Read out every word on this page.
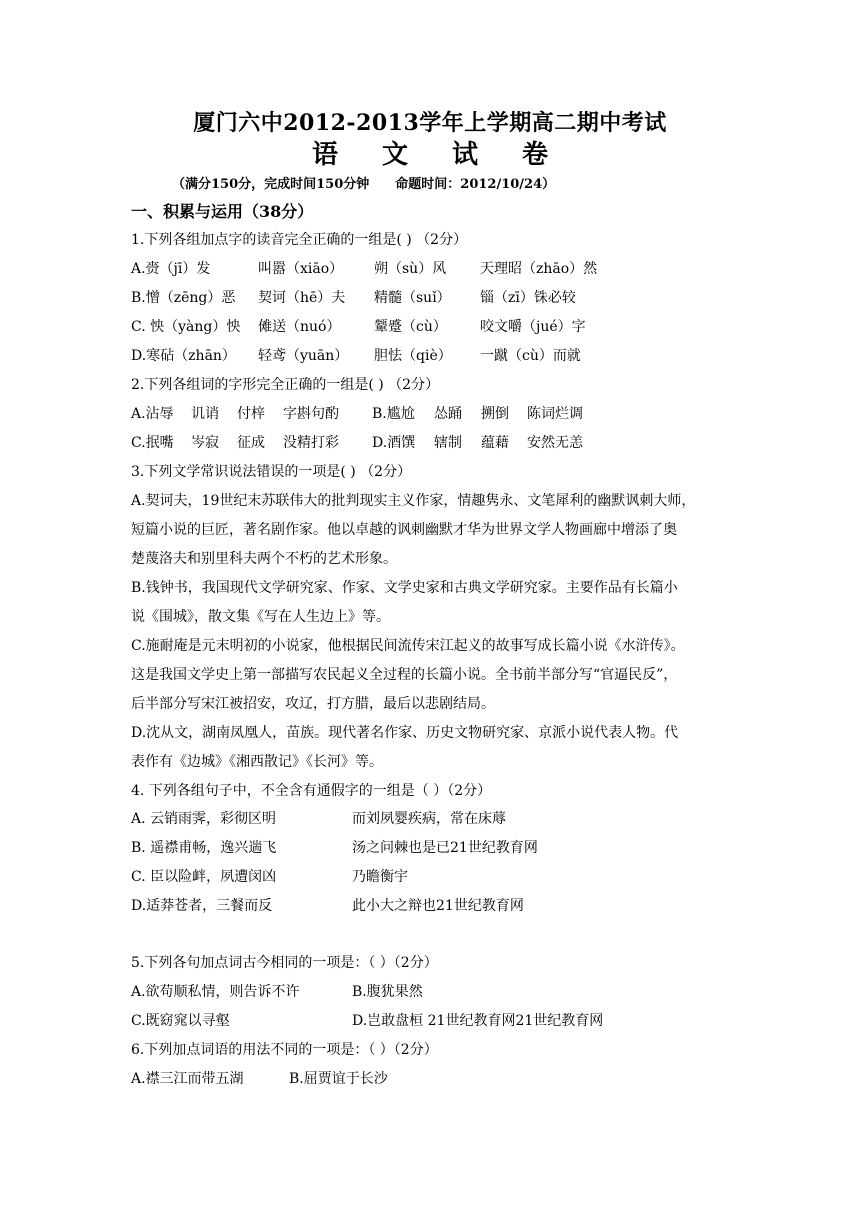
厦门六中2012-2013学年上学期高二期中考试
语 文 试 卷
（满分150分，完成时间150分钟 命题时间：2012/10/24）
一、积累与运用（38分）
1.下列各组加点字的读音完全正确的一组是( ) （2分）
A.赍（jī）发	叫嚣（xiāo） 朔（sù）风 天理昭（zhāo）然
B.憎（zēng）恶 契诃（hē）夫 精髓（suǐ） 锱（zī）铢必较
C. 怏（yàng）怏 傩送（nuó） 颦蹙（cù） 咬文嚼（jué）字
D.寒砧（zhān） 轻鸢（yuān） 胆怯（qiè） 一蹴（cù）而就
2.下列各组词的字形完全正确的一组是( ) （2分）
A.沾辱 讥诮 付梓 字斟句酌 B.尴尬 怂踊 搠倒 陈词烂调
C.抿嘴 岑寂 征成 没精打彩 D.酒馔 辖制 蕴藉 安然无恙
3.下列文学常识说法错误的一项是( ) （2分）
A.契诃夫，19世纪末苏联伟大的批判现实主义作家，情趣隽永、文笔犀利的幽默讽刺大师，
短篇小说的巨匠，著名剧作家。他以卓越的讽刺幽默才华为世界文学人物画廊中增添了奥
楚蔑洛夫和别里科夫两个不朽的艺术形象。
B.钱钟书，我国现代文学研究家、作家、文学史家和古典文学研究家。主要作品有长篇小
说《围城》，散文集《写在人生边上》等。
C.施耐庵是元末明初的小说家，他根据民间流传宋江起义的故事写成长篇小说《水浒传》。
这是我国文学史上第一部描写农民起义全过程的长篇小说。全书前半部分写“官逼民反”，
后半部分写宋江被招安，攻辽，打方腊，最后以悲剧结局。
D.沈从文，湖南凤凰人，苗族。现代著名作家、历史文物研究家、京派小说代表人物。代
表作有《边城》《湘西散记》《长河》等。
4. 下列各组句子中，不全含有通假字的一组是（ ）（2分）
A. 云销雨霁，彩彻区明	而刘夙婴疾病，常在床蓐
B. 遥襟甫畅，逸兴遄飞	汤之问棘也是已21世纪教育网
C. 臣以险衅，夙遭闵凶	乃瞻衡宇
D.适莽苍者，三餐而反	此小大之辩也21世纪教育网
5.下列各句加点词古今相同的一项是：（ ）（2分）
A.欲苟顺私情，则告诉不许	B.腹犹果然
C.既窈窕以寻壑	D.岂敢盘桓 21世纪教育网21世纪教育网
6.下列加点词语的用法不同的一项是：（ ）（2分）
A.襟三江而带五湖	B.屈贾谊于长沙
